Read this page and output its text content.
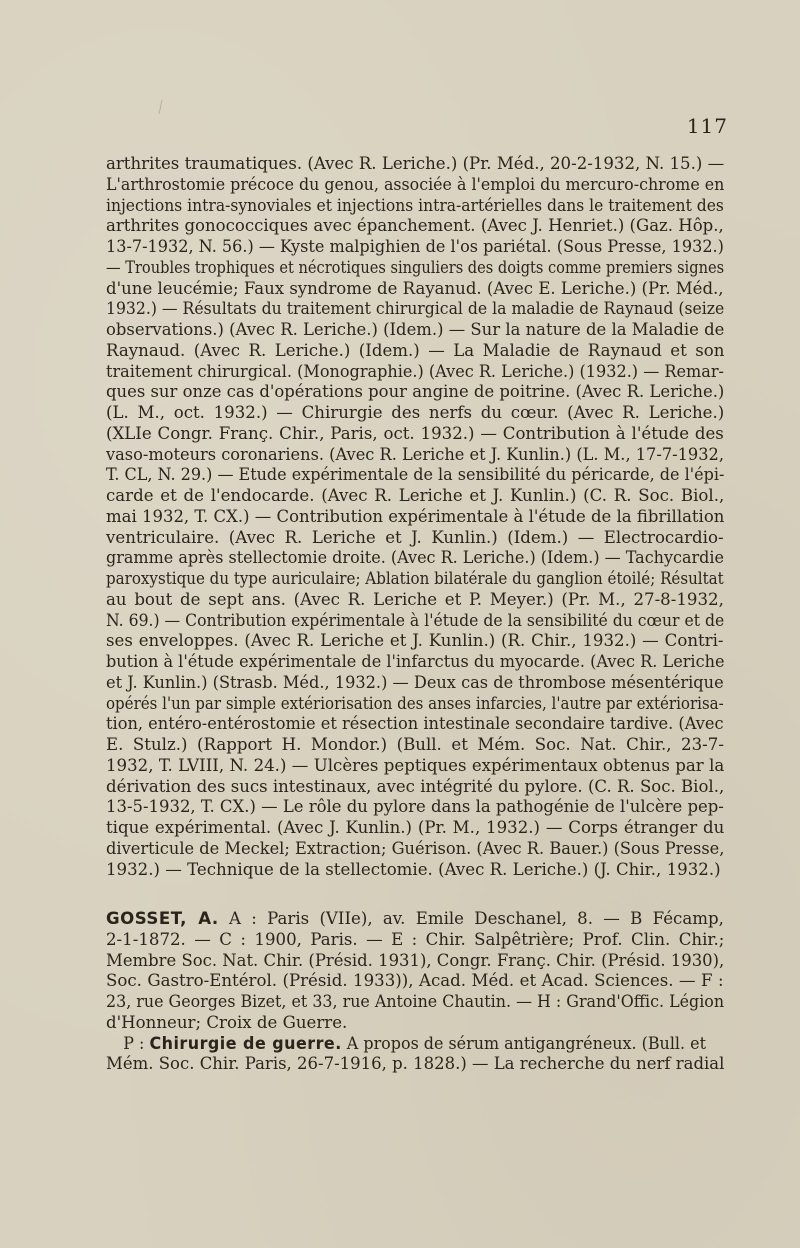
117
arthrites traumatiques. (Avec R. Leriche.) (Pr. Méd., 20-2-1932, N. 15.) —
L'arthrostomie précoce du genou, associée à l'emploi du mercuro-chrome en
injections intra-synoviales et injections intra-artérielles dans le traitement des
arthrites gonococciques avec épanchement. (Avec J. Henriet.) (Gaz. Hôp.,
13-7-1932, N. 56.) — Kyste malpighien de l'os pariétal. (Sous Presse, 1932.)
— Troubles trophiques et nécrotiques singuliers des doigts comme premiers signes
d'une leucémie; Faux syndrome de Rayanud. (Avec E. Leriche.) (Pr. Méd.,
1932.) — Résultats du traitement chirurgical de la maladie de Raynaud (seize
observations.) (Avec R. Leriche.) (Idem.) — Sur la nature de la Maladie de
Raynaud. (Avec R. Leriche.) (Idem.) — La Maladie de Raynaud et son
traitement chirurgical. (Monographie.) (Avec R. Leriche.) (1932.) — Remar-
ques sur onze cas d'opérations pour angine de poitrine. (Avec R. Leriche.)
(L. M., oct. 1932.) — Chirurgie des nerfs du cœur. (Avec R. Leriche.)
(XLIe Congr. Franç. Chir., Paris, oct. 1932.) — Contribution à l'étude des
vaso-moteurs coronariens. (Avec R. Leriche et J. Kunlin.) (L. M., 17-7-1932,
T. CL, N. 29.) — Etude expérimentale de la sensibilité du péricarde, de l'épi-
carde et de l'endocarde. (Avec R. Leriche et J. Kunlin.) (C. R. Soc. Biol.,
mai 1932, T. CX.) — Contribution expérimentale à l'étude de la fibrillation
ventriculaire. (Avec R. Leriche et J. Kunlin.) (Idem.) — Electrocardio-
gramme après stellectomie droite. (Avec R. Leriche.) (Idem.) — Tachycardie
paroxystique du type auriculaire; Ablation bilatérale du ganglion étoilé; Résultat
au bout de sept ans. (Avec R. Leriche et P. Meyer.) (Pr. M., 27-8-1932,
N. 69.) — Contribution expérimentale à l'étude de la sensibilité du cœur et de
ses enveloppes. (Avec R. Leriche et J. Kunlin.) (R. Chir., 1932.) — Contri-
bution à l'étude expérimentale de l'infarctus du myocarde. (Avec R. Leriche
et J. Kunlin.) (Strasb. Méd., 1932.) — Deux cas de thrombose mésentérique
opérés l'un par simple extériorisation des anses infarcies, l'autre par extériorisa-
tion, entéro-entérostomie et résection intestinale secondaire tardive. (Avec
E. Stulz.) (Rapport H. Mondor.) (Bull. et Mém. Soc. Nat. Chir., 23-7-
1932, T. LVIII, N. 24.) — Ulcères peptiques expérimentaux obtenus par la
dérivation des sucs intestinaux, avec intégrité du pylore. (C. R. Soc. Biol.,
13-5-1932, T. CX.) — Le rôle du pylore dans la pathogénie de l'ulcère pep-
tique expérimental. (Avec J. Kunlin.) (Pr. M., 1932.) — Corps étranger du
diverticule de Meckel; Extraction; Guérison. (Avec R. Bauer.) (Sous Presse,
1932.) — Technique de la stellectomie. (Avec R. Leriche.) (J. Chir., 1932.)
GOSSET, A. A : Paris (VIIe), av. Emile Deschanel, 8. — B Fécamp,
2-1-1872. — C : 1900, Paris. — E : Chir. Salpêtrière; Prof. Clin. Chir.;
Membre Soc. Nat. Chir. (Présid. 1931), Congr. Franç. Chir. (Présid. 1930),
Soc. Gastro-Entérol. (Présid. 1933)), Acad. Méd. et Acad. Sciences. — F :
23, rue Georges Bizet, et 33, rue Antoine Chautin. — H : Grand'Offic. Légion
d'Honneur; Croix de Guerre.
P : Chirurgie de guerre. A propos de sérum antigangréneux. (Bull. et
Mém. Soc. Chir. Paris, 26-7-1916, p. 1828.) — La recherche du nerf radial
